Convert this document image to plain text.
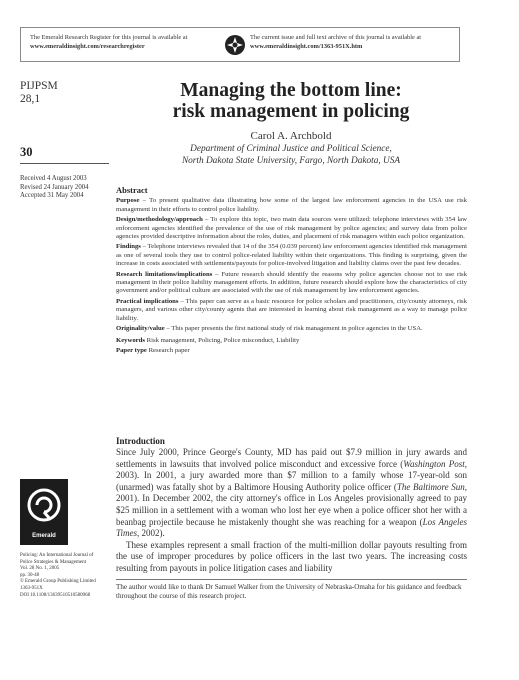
The Emerald Research Register for this journal is available at
www.emeraldinsight.com/researchregister
The current issue and full text archive of this journal is available at
www.emeraldinsight.com/1363-951X.htm
PIJPSM
28,1	Managing the bottom line:
risk management in policing
Carol A. Archbold
Department of Criminal Justice and Political Science,
North Dakota State University, Fargo, North Dakota, USA
30
Received 4 August 2003
Revised 24 January 2004
Accepted 31 May 2004
Abstract

Purpose – To present qualitative data illustrating how some of the largest law enforcement agencies in the USA use risk management in their efforts to control police liability.

Design/methodology/approach – To explore this topic, two main data sources were utilized: telephone interviews with 354 law enforcement agencies identified the prevalence of the use of risk management by police agencies; and survey data from police agencies provided descriptive information about the roles, duties, and placement of risk managers within each police organization.

Findings – Telephone interviews revealed that 14 of the 354 (0.039 percent) law enforcement agencies identified risk management as one of several tools they use to control police-related liability within their organizations. This finding is surprising, given the increase in costs associated with settlements/payouts for police-involved litigation and liability claims over the past few decades.

Research limitations/implications – Future research should identify the reasons why police agencies choose not to use risk management in their police liability management efforts. In addition, future research should explore how the characteristics of city government and/or political culture are associated with the use of risk management by law enforcement agencies.

Practical implications – This paper can serve as a basic resource for police scholars and practitioners, city/county attorneys, risk managers, and various other city/county agents that are interested in learning about risk management as a way to manage police liability.

Originality/value – This paper presents the first national study of risk management in police agencies in the USA.

Keywords Risk management, Policing, Police misconduct, Liability

Paper type Research paper

Introduction

Since July 2000, Prince George's County, MD has paid out $7.9 million in jury awards and settlements in lawsuits that involved police misconduct and excessive force (Washington Post, 2003). In 2001, a jury awarded more than $7 million to a family whose 17-year-old son (unarmed) was fatally shot by a Baltimore Housing Authority police officer (The Baltimore Sun, 2001). In December 2002, the city attorney's office in Los Angeles provisionally agreed to pay $25 million in a settlement with a woman who lost her eye when a police officer shot her with a beanbag projectile because he mistakenly thought she was reaching for a weapon (Los Angeles Times, 2002).

These examples represent a small fraction of the multi-million dollar payouts resulting from the use of improper procedures by police officers in the last two years. The increasing costs resulting from payouts in police litigation cases and liability

The author would like to thank Dr Samuel Walker from the University of Nebraska-Omaha for his guidance and feedback throughout the course of this research project.
Emerald
Policing: An International Journal of
Police Strategies & Management
Vol. 28 No. 1, 2005
pp. 30-48
© Emerald Group Publishing Limited
1363-951X
DOI 10.1108/13639510510580968
